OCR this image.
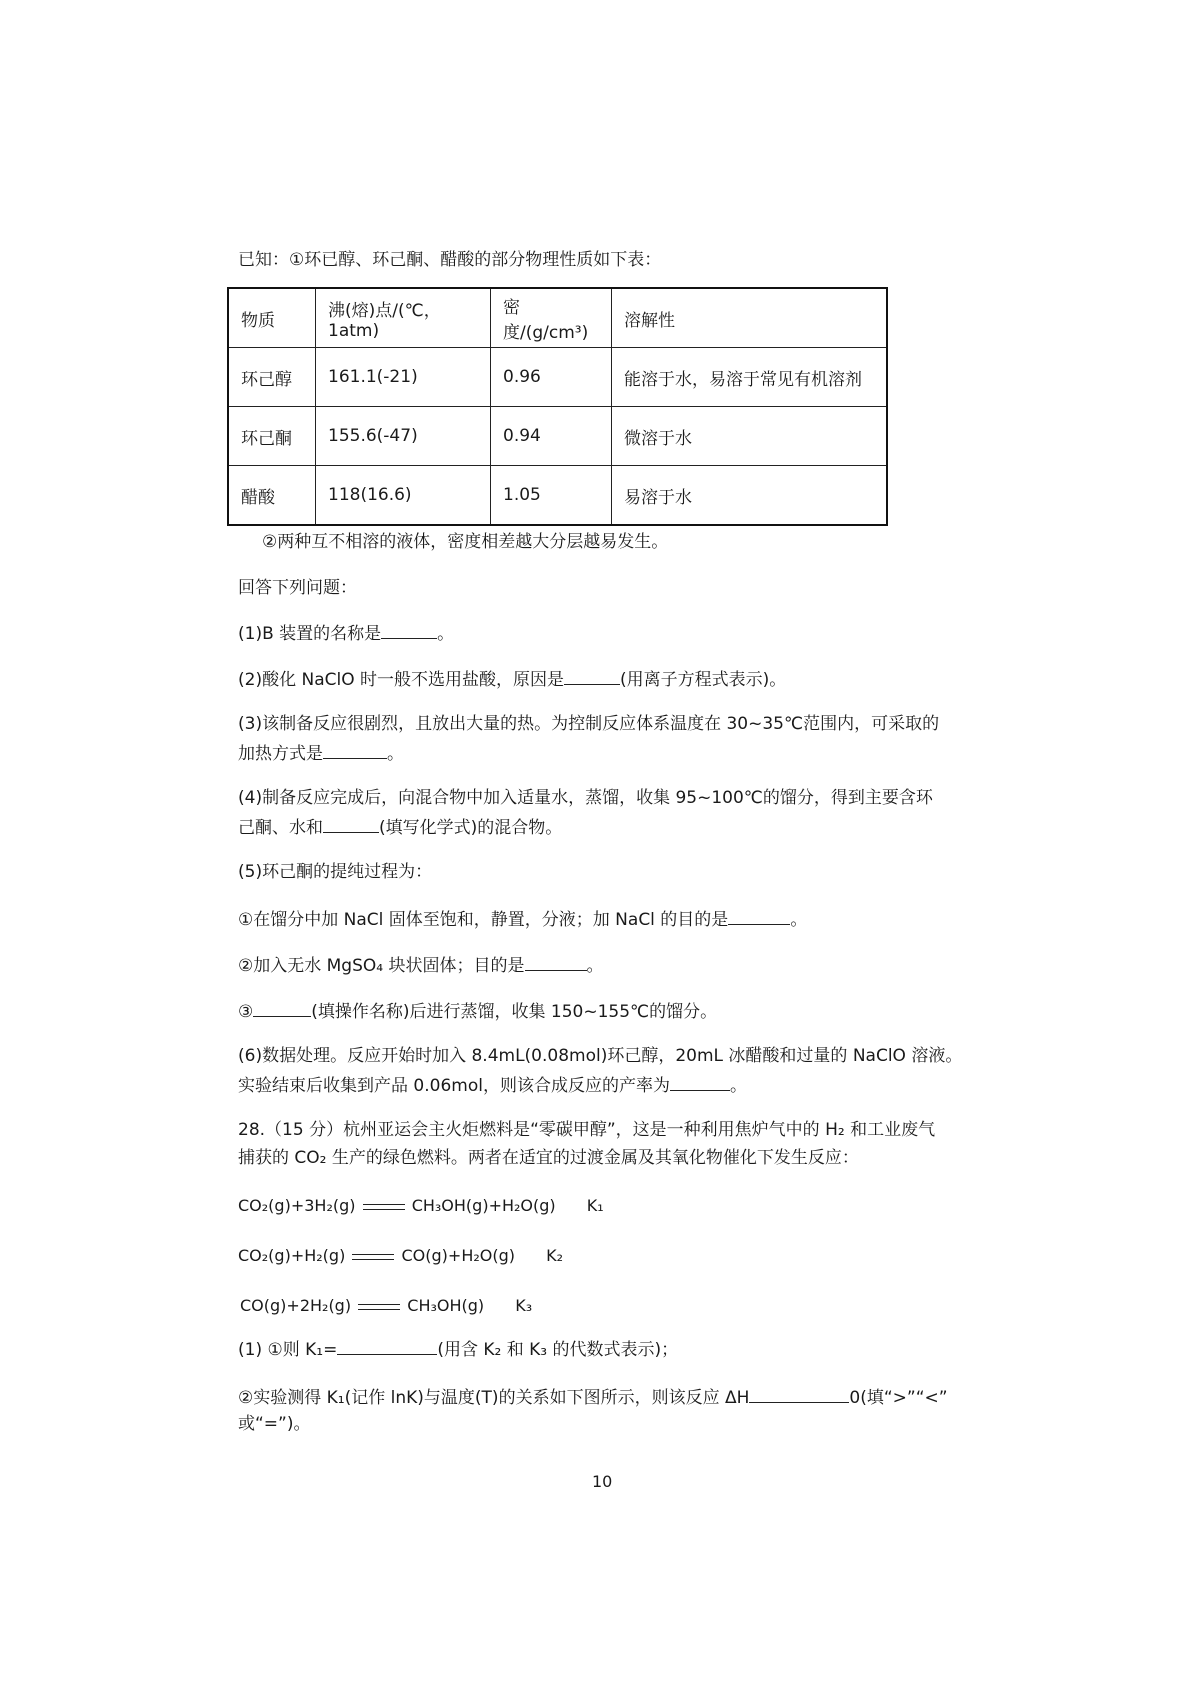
已知：①环已醇、环己酮、醋酸的部分物理性质如下表：
物质	沸(熔)点/(℃，1atm)	密度/(g/cm³)	溶解性
环己醇	161.1(-21)	0.96	能溶于水，易溶于常见有机溶剂
环己酮	155.6(-47)	0.94	微溶于水
醋酸	118(16.6)	1.05	易溶于水
②两种互不相溶的液体，密度相差越大分层越易发生。
回答下列问题：
(1)B 装置的名称是	。
(2)酸化 NaClO 时一般不选用盐酸，原因是	(用离子方程式表示)。
(3)该制备反应很剧烈，且放出大量的热。为控制反应体系温度在 30~35℃范围内，可采取的
加热方式是	。
(4)制备反应完成后，向混合物中加入适量水，蒸馏，收集 95~100℃的馏分，得到主要含环
己酮、水和	(填写化学式)的混合物。
(5)环己酮的提纯过程为：
①在馏分中加 NaCl 固体至饱和，静置，分液；加 NaCl 的目的是	。
②加入无水 MgSO₄ 块状固体；目的是	。
③	(填操作名称)后进行蒸馏，收集 150~155℃的馏分。
(6)数据处理。反应开始时加入 8.4mL(0.08mol)环己醇，20mL 冰醋酸和过量的 NaClO 溶液。
实验结束后收集到产品 0.06mol，则该合成反应的产率为	。
28.（15 分）杭州亚运会主火炬燃料是“零碳甲醇”，这是一种利用焦炉气中的 H₂ 和工业废气
捕获的 CO₂ 生产的绿色燃料。两者在适宜的过渡金属及其氧化物催化下发生反应：
CO₂(g)+3H₂(g)	CH₃OH(g)+H₂O(g) K₁
CO₂(g)+H₂(g)	CO(g)+H₂O(g) K₂
CO(g)+2H₂(g)	CH₃OH(g) K₃
(1) ①则 K₁=	(用含 K₂ 和 K₃ 的代数式表示)；
②实验测得 K₁(记作 lnK)与温度(T)的关系如下图所示，则该反应 ΔH	0(填“>”“<”
或“=”)。
10
